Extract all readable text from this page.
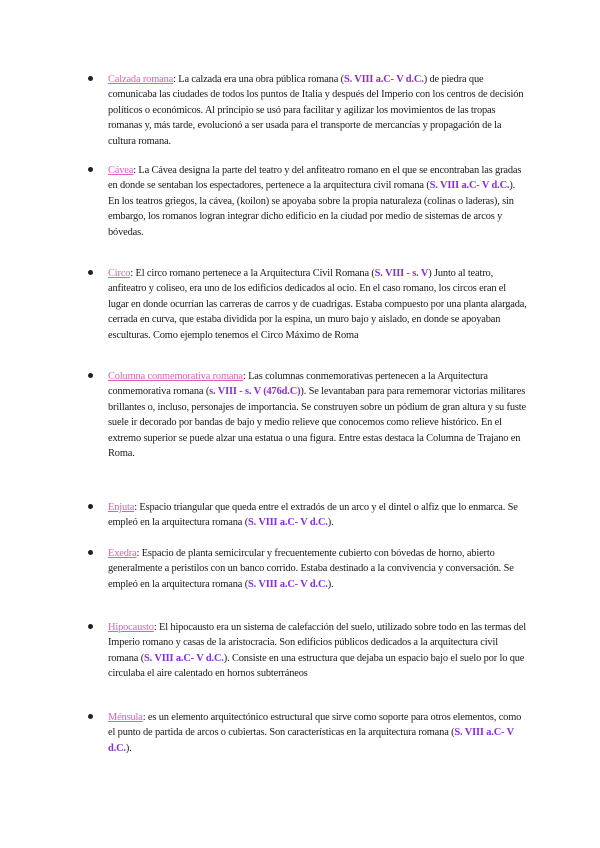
Calzada romana: La calzada era una obra pública romana (S. VIII a.C- V d.C.) de piedra que comunicaba las ciudades de todos los puntos de Italia y después del Imperio con los centros de decisión políticos o económicos. Al principio se usó para facilitar y agilizar los movimientos de las tropas romanas y, más tarde, evolucionó a ser usada para el transporte de mercancías y propagación de la cultura romana.
Cávea: La Cávea designa la parte del teatro y del anfiteatro romano en el que se encontraban las gradas en donde se sentaban los espectadores, pertenece a la arquitectura civil romana (S. VIII a.C- V d.C.). En los teatros griegos, la cávea, (koilon) se apoyaba sobre la propia naturaleza (colinas o laderas), sin embargo, los romanos logran integrar dicho edificio en la ciudad por medio de sistemas de arcos y bóvedas.
Circo: El circo romano pertenece a la Arquitectura Civil Romana (S. VIII - s. V) Junto al teatro, anfiteatro y coliseo, era uno de los edificios dedicados al ocio. En el caso romano, los circos eran el lugar en donde ocurrían las carreras de carros y de cuadrigas. Estaba compuesto por una planta alargada, cerrada en curva, que estaba dividida por la espina, un muro bajo y aislado, en donde se apoyaban esculturas. Como ejemplo tenemos el Circo Máximo de Roma
Columna conmemorativa romana: Las columnas conmemorativas pertenecen a la Arquitectura conmemorativa romana (s. VIII - s. V (476d.C)). Se levantaban para para rememorar victorias militares brillantes o, incluso, personajes de importancia. Se construyen sobre un pódium de gran altura y su fuste suele ir decorado por bandas de bajo y medio relieve que conocemos como relieve histórico. En el extremo superior se puede alzar una estatua o una figura. Entre estas destaca la Columna de Trajano en Roma.
Enjuta: Espacio triangular que queda entre el extradós de un arco y el dintel o alfiz que lo enmarca. Se empleó en la arquitectura romana (S. VIII a.C- V d.C.).
Exedra: Espacio de planta semicircular y frecuentemente cubierto con bóvedas de horno, abierto generalmente a peristilos con un banco corrido. Estaba destinado a la convivencia y conversación. Se empleó en la arquitectura romana (S. VIII a.C- V d.C.).
Hipocausto: El hipocausto era un sistema de calefacción del suelo, utilizado sobre todo en las termas del Imperio romano y casas de la aristocracia. Son edificios públicos dedicados a la arquitectura civil romana (S. VIII a.C- V d.C.). Consiste en una estructura que dejaba un espacio bajo el suelo por lo que circulaba el aire calentado en hornos subterráneos
Ménsula: es un elemento arquitectónico estructural que sirve como soporte para otros elementos, como el punto de partida de arcos o cubiertas. Son características en la arquitectura romana (S. VIII a.C- V d.C.).
